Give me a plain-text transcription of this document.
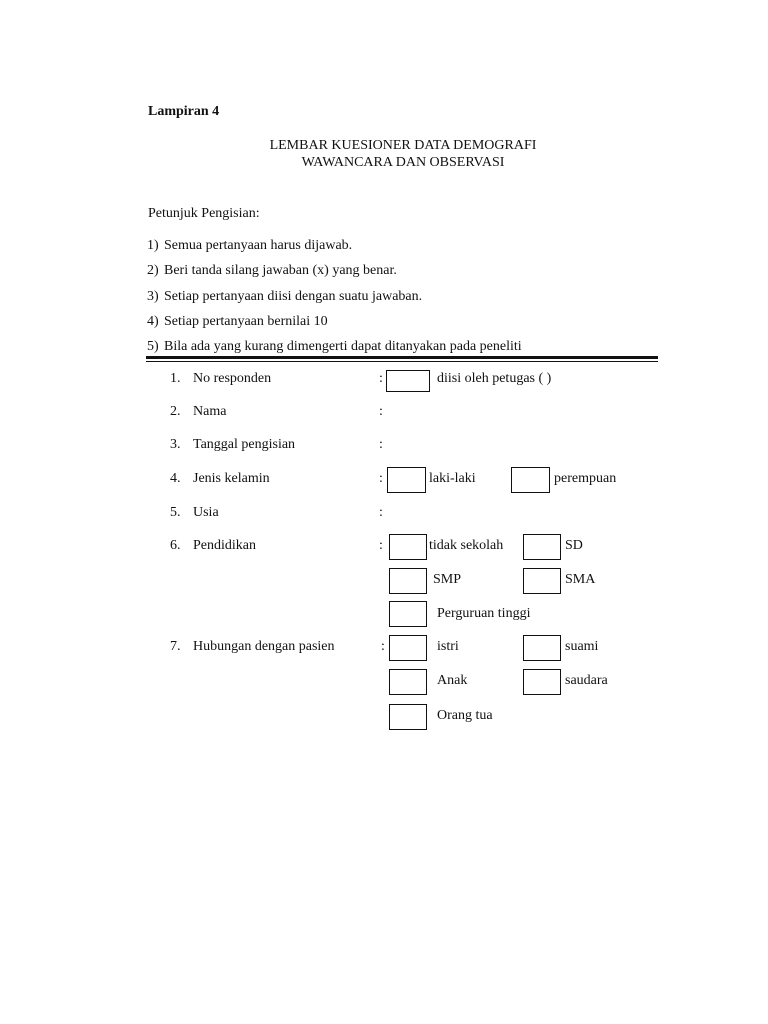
Lampiran 4
LEMBAR KUESIONER DATA DEMOGRAFI
WAWANCARA DAN OBSERVASI
Petunjuk Pengisian:
1) Semua pertanyaan harus dijawab.
2) Beri tanda silang jawaban (x) yang benar.
3) Setiap pertanyaan diisi dengan suatu jawaban.
4) Setiap pertanyaan bernilai 10
5) Bila ada yang kurang dimengerti dapat ditanyakan pada peneliti
1. No responden	:	diisi oleh petugas ( )
2. Nama	:
3. Tanggal pengisian	:
4. Jenis kelamin	:	laki-laki	perempuan
5. Usia	:
6. Pendidikan	:	tidak sekolah	SD
SMP	SMA
Perguruan tinggi
7. Hubungan dengan pasien	:	istri	suami
Anak	saudara
Orang tua
